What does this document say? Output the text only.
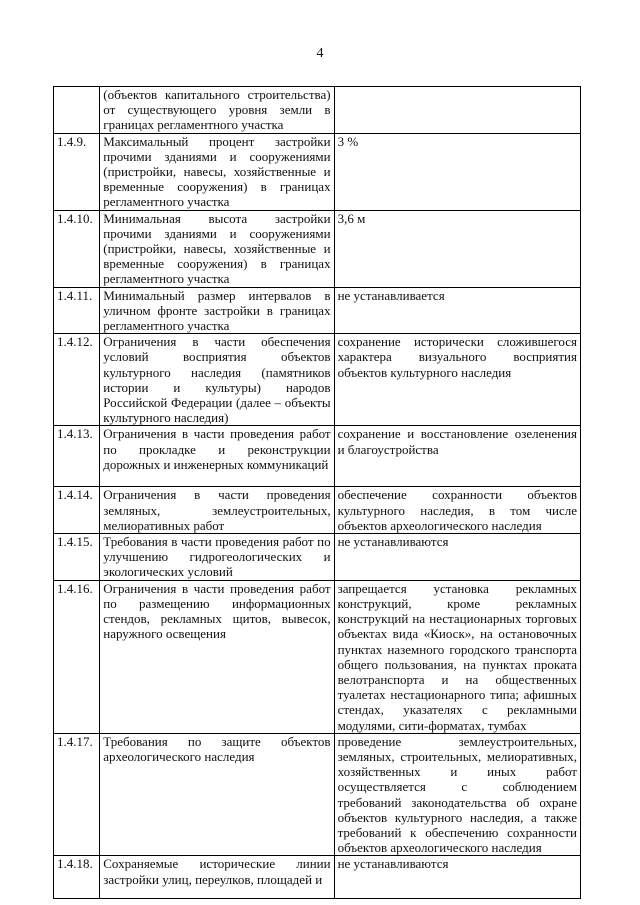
4

	(объектов капитального строительства) от существующего уровня земли в границах регламентного участка	

1.4.9.	Максимальный процент застройки прочими зданиями и сооружениями (пристройки, навесы, хозяйственные и временные сооружения) в границах регламентного участка	3 %

1.4.10.	Минимальная высота застройки прочими зданиями и сооружениями (пристройки, навесы, хозяйственные и временные сооружения) в границах регламентного участка	3,6 м

1.4.11.	Минимальный размер интервалов в уличном фронте застройки в границах регламентного участка	не устанавливается

1.4.12.	Ограничения в части обеспечения условий восприятия объектов культурного наследия (памятников истории и культуры) народов Российской Федерации (далее – объекты культурного наследия)	сохранение исторически сложившегося характера визуального восприятия объектов культурного наследия

1.4.13.	Ограничения в части проведения работ по прокладке и реконструкции дорожных и инженерных коммуникаций	сохранение и восстановление озеленения и благоустройства

1.4.14.	Ограничения в части проведения земляных, землеустроительных, мелиоративных работ	обеспечение сохранности объектов культурного наследия, в том числе объектов археологического наследия

1.4.15.	Требования в части проведения работ по улучшению гидрогеологических и экологических условий	не устанавливаются

1.4.16.	Ограничения в части проведения работ по размещению информационных стендов, рекламных щитов, вывесок, наружного освещения	запрещается установка рекламных конструкций, кроме рекламных конструкций на нестационарных торговых объектах вида «Киоск», на остановочных пунктах наземного городского транспорта общего пользования, на пунктах проката велотранспорта и на общественных туалетах нестационарного типа; афишных стендах, указателях с рекламными модулями, сити-форматах, тумбах

1.4.17.	Требования по защите объектов археологического наследия	проведение землеустроительных, земляных, строительных, мелиоративных, хозяйственных и иных работ осуществляется с соблюдением требований законодательства об охране объектов культурного наследия, а также требований к обеспечению сохранности объектов археологического наследия

1.4.18.	Сохраняемые исторические линии застройки улиц, переулков, площадей и	не устанавливаются
